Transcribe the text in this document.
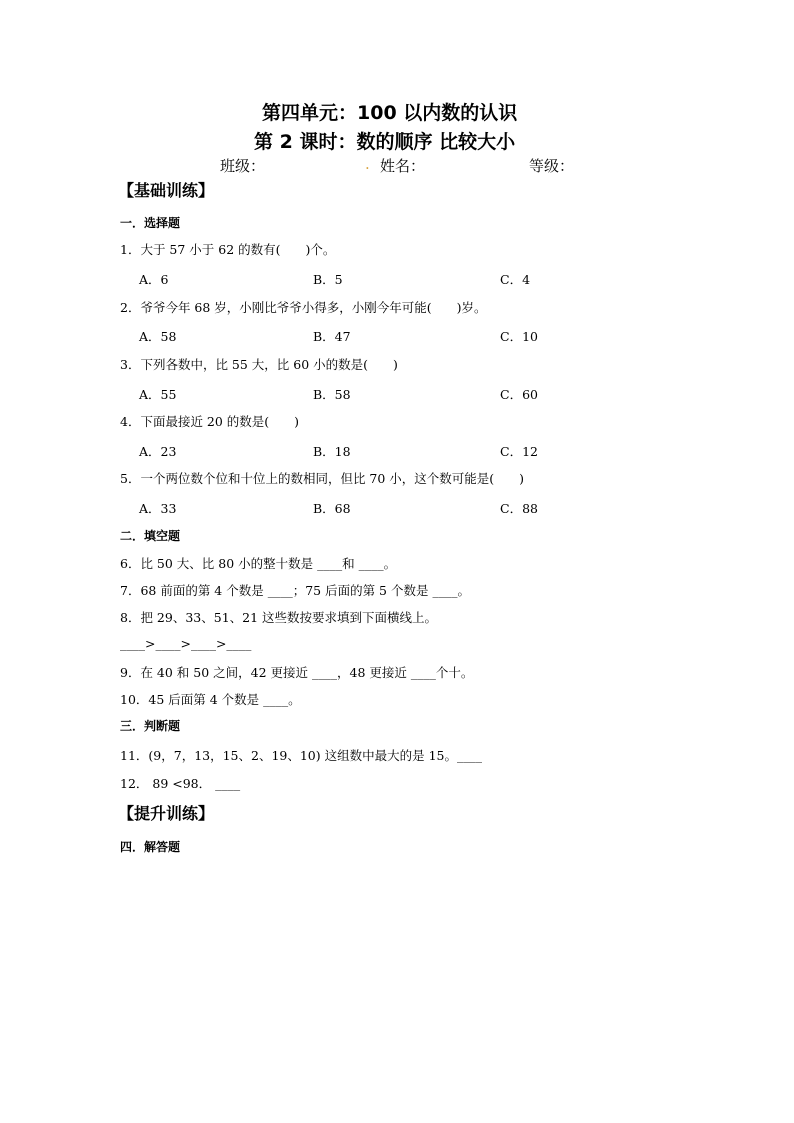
第四单元：100 以内数的认识
第 2 课时：数的顺序 比较大小
班级：	. 姓名：	等级：
【基础训练】
一．选择题
1．大于 57 小于 62 的数有(　　)个。
A．6	B．5	C．4
2．爷爷今年 68 岁，小刚比爷爷小得多，小刚今年可能(　　)岁。
A．58	B．47	C．10
3．下列各数中，比 55 大，比 60 小的数是(　　)
A．55	B．58	C．60
4．下面最接近 20 的数是(　　)
A．23	B．18	C．12
5．一个两位数个位和十位上的数相同，但比 70 小，这个数可能是(　　)
A．33	B．68	C．88
二．填空题
6．比 50 大、比 80 小的整十数是 ____和 ____。
7．68 前面的第 4 个数是 ____；75 后面的第 5 个数是 ____。
8．把 29、33、51、21 这些数按要求填到下面横线上。
____>____>____>____
9．在 40 和 50 之间，42 更接近 ____，48 更接近 ____个十。
10．45 后面第 4 个数是 ____。
三．判断题
11．(9，7，13，15、2、19、10) 这组数中最大的是 15。____
12． 89 <98． ____
【提升训练】
四．解答题
